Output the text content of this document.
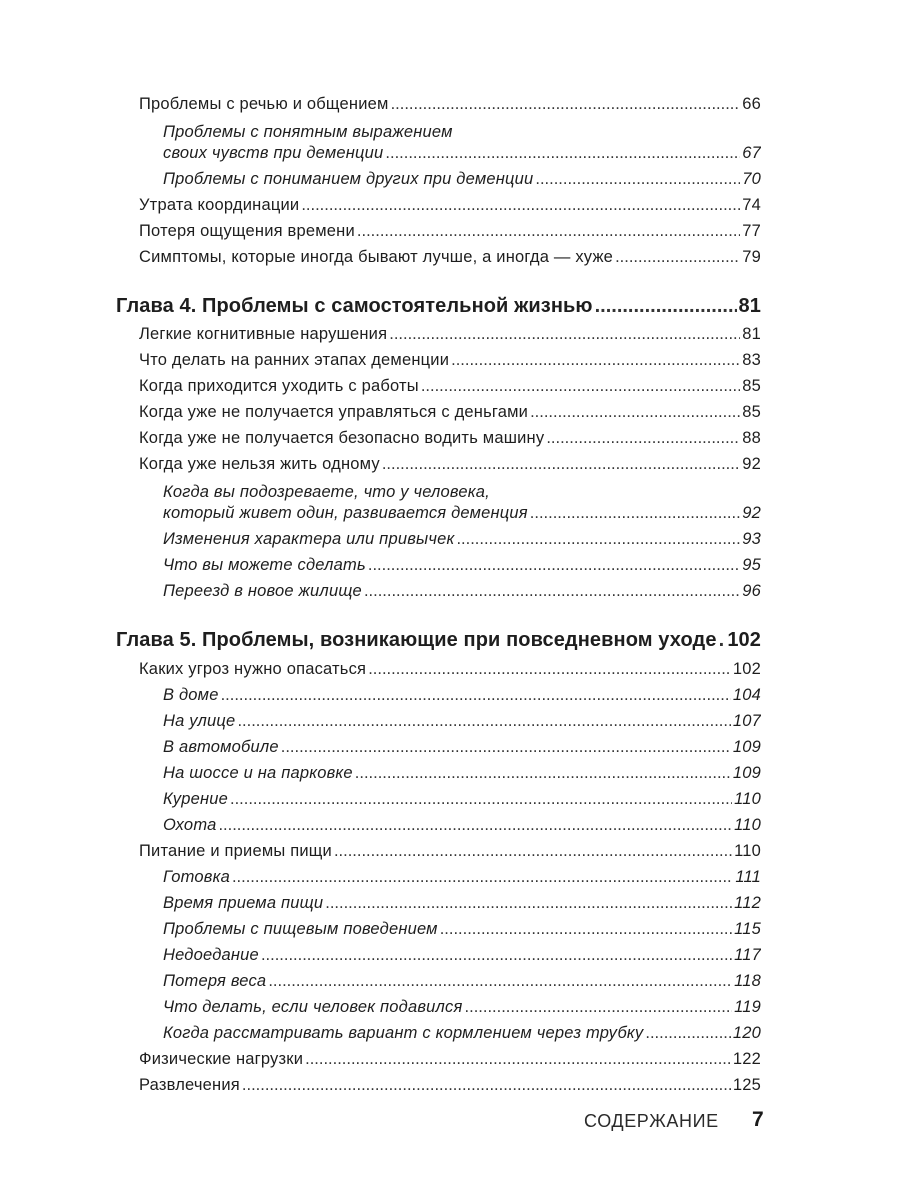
Проблемы с речью и общением .....	66
Проблемы с понятным выражением
своих чувств при деменции .....	67
Проблемы с пониманием других при деменции .....	70
Утрата координации .....	74
Потеря ощущения времени .....	77
Симптомы, которые иногда бывают лучше, а иногда — хуже .....	79
Глава 4. Проблемы с самостоятельной жизнью .....	81
Легкие когнитивные нарушения .....	81
Что делать на ранних этапах деменции .....	83
Когда приходится уходить с работы .....	85
Когда уже не получается управляться с деньгами .....	85
Когда уже не получается безопасно водить машину .....	88
Когда уже нельзя жить одному .....	92
Когда вы подозреваете, что у человека,
который живет один, развивается деменция .....	92
Изменения характера или привычек .....	93
Что вы можете сделать .....	95
Переезд в новое жилище .....	96
Глава 5. Проблемы, возникающие при повседневном уходе ..... 102
Каких угроз нужно опасаться .....	102
В доме .....	104
На улице .....	107
В автомобиле .....	109
На шоссе и на парковке .....	109
Курение .....	110
Охота .....	110
Питание и приемы пищи .....	110
Готовка .....	111
Время приема пищи .....	112
Проблемы с пищевым поведением .....	115
Недоедание .....	117
Потеря веса .....	118
Что делать, если человек подавился .....	119
Когда рассматривать вариант с кормлением через трубку .....	120
Физические нагрузки .....	122
Развлечения .....	125
СОДЕРЖАНИЕ 7
